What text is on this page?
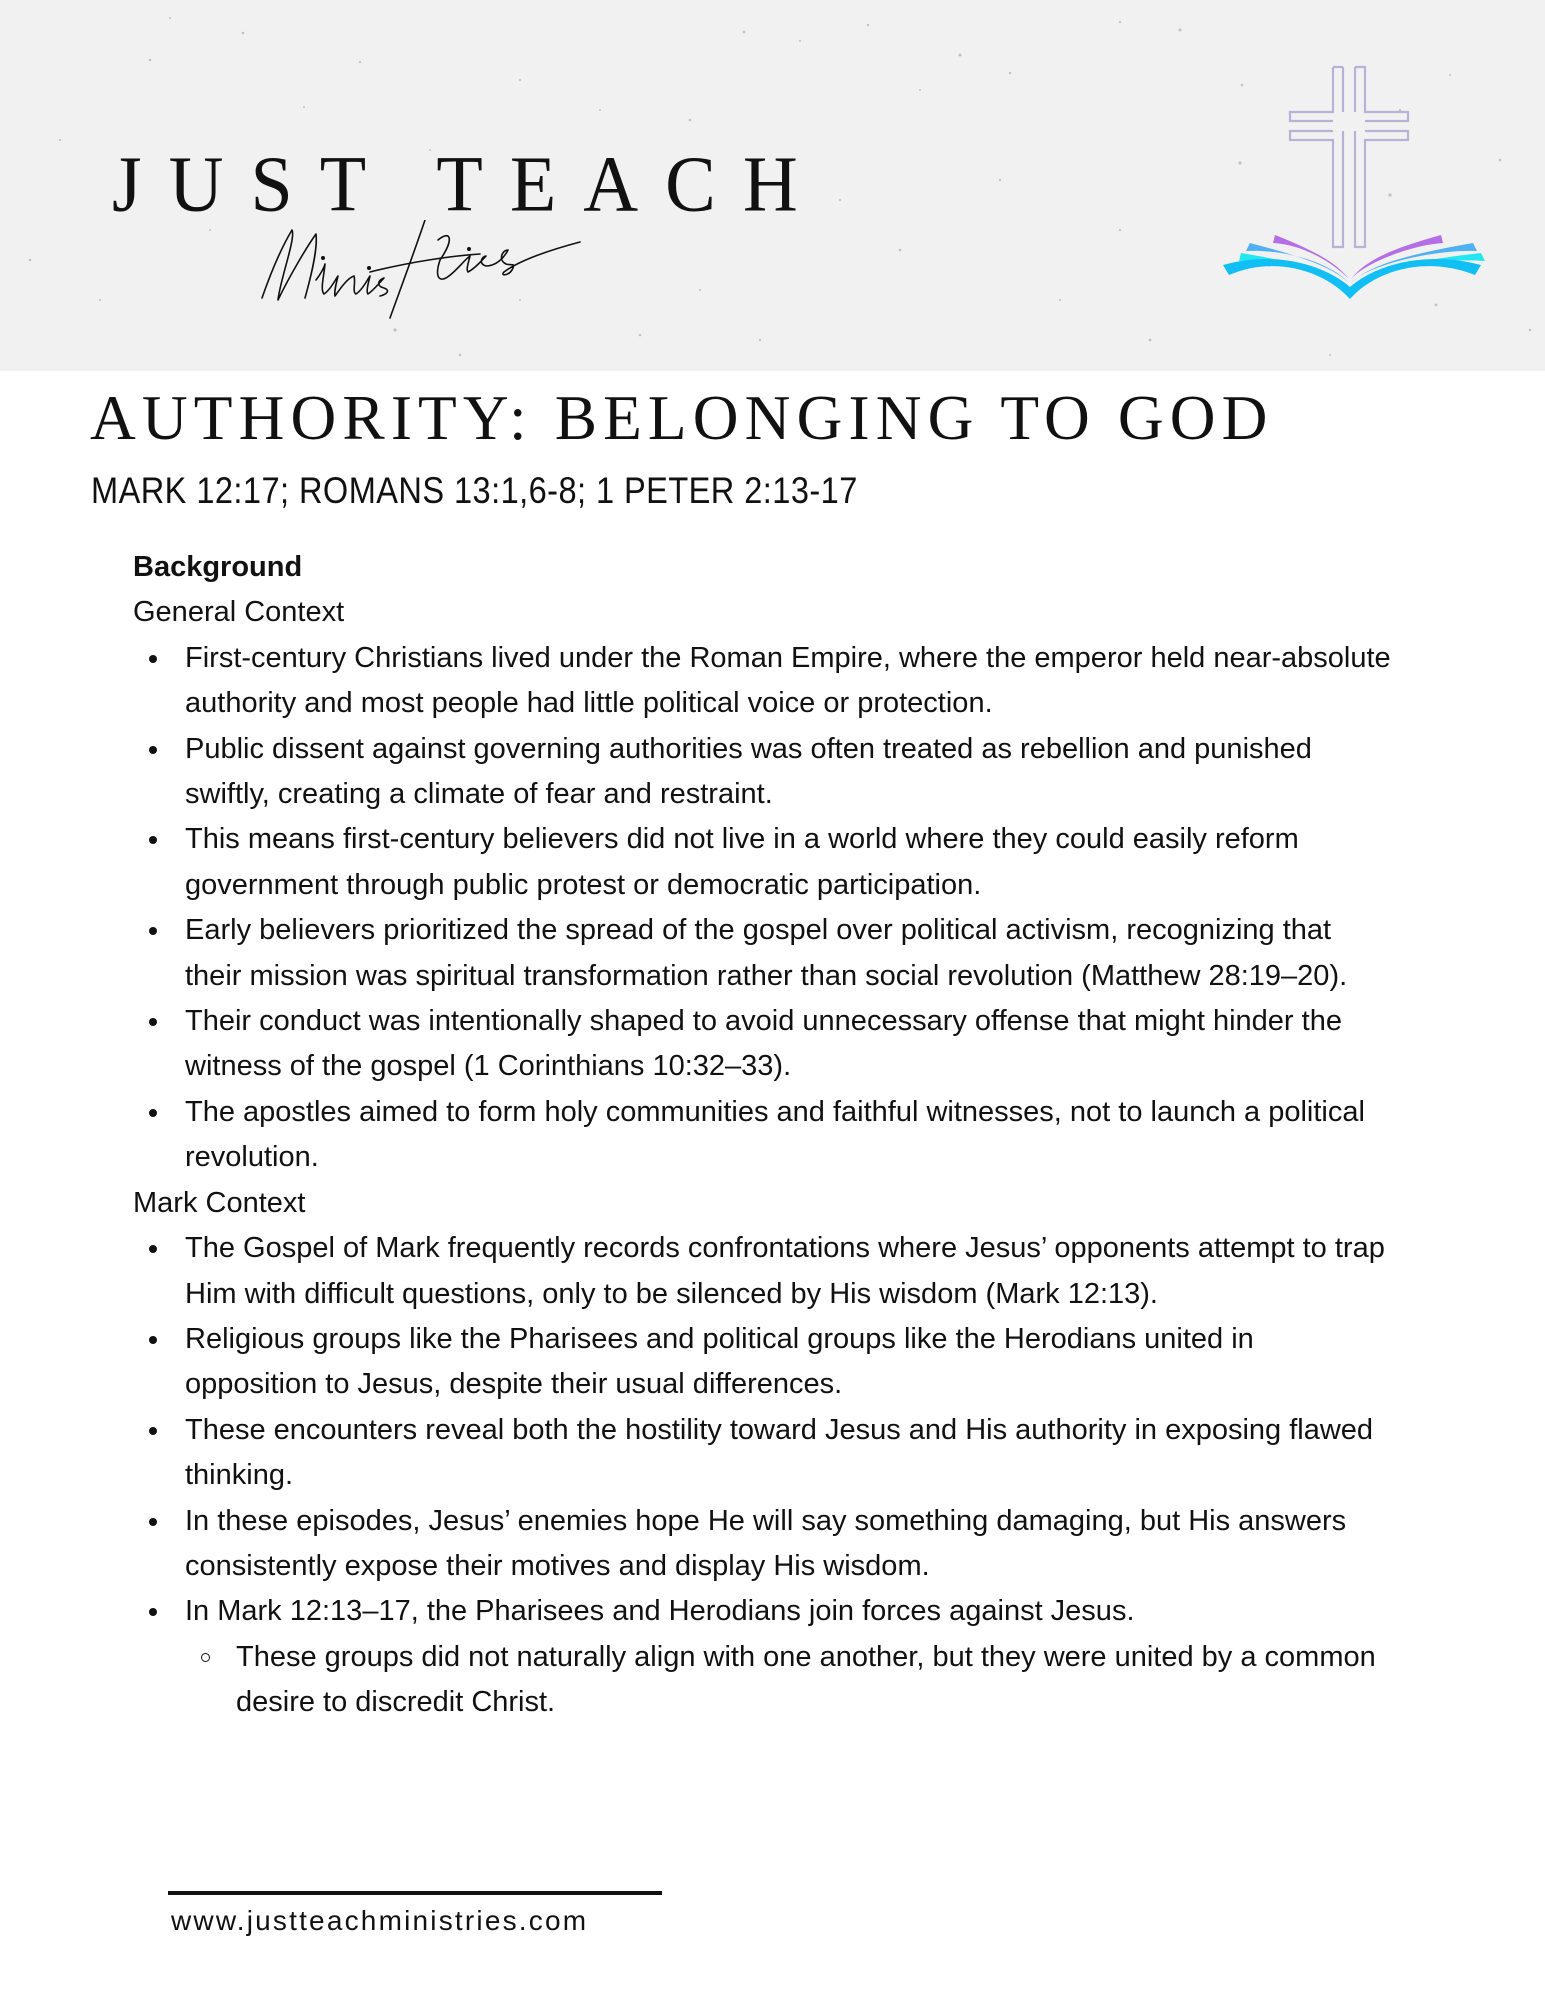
JUST TEACH
AUTHORITY: BELONGING TO GOD
MARK 12:17; ROMANS 13:1,6-8; 1 PETER 2:13-17
Background
General Context
First-century Christians lived under the Roman Empire, where the emperor held near-absolute authority and most people had little political voice or protection.
Public dissent against governing authorities was often treated as rebellion and punished swiftly, creating a climate of fear and restraint.
This means first-century believers did not live in a world where they could easily reform government through public protest or democratic participation.
Early believers prioritized the spread of the gospel over political activism, recognizing that their mission was spiritual transformation rather than social revolution (Matthew 28:19–20).
Their conduct was intentionally shaped to avoid unnecessary offense that might hinder the witness of the gospel (1 Corinthians 10:32–33).
The apostles aimed to form holy communities and faithful witnesses, not to launch a political revolution.
Mark Context
The Gospel of Mark frequently records confrontations where Jesus’ opponents attempt to trap Him with difficult questions, only to be silenced by His wisdom (Mark 12:13).
Religious groups like the Pharisees and political groups like the Herodians united in opposition to Jesus, despite their usual differences.
These encounters reveal both the hostility toward Jesus and His authority in exposing flawed thinking.
In these episodes, Jesus’ enemies hope He will say something damaging, but His answers consistently expose their motives and display His wisdom.
In Mark 12:13–17, the Pharisees and Herodians join forces against Jesus.
These groups did not naturally align with one another, but they were united by a common desire to discredit Christ.
www.justteachministries.com
